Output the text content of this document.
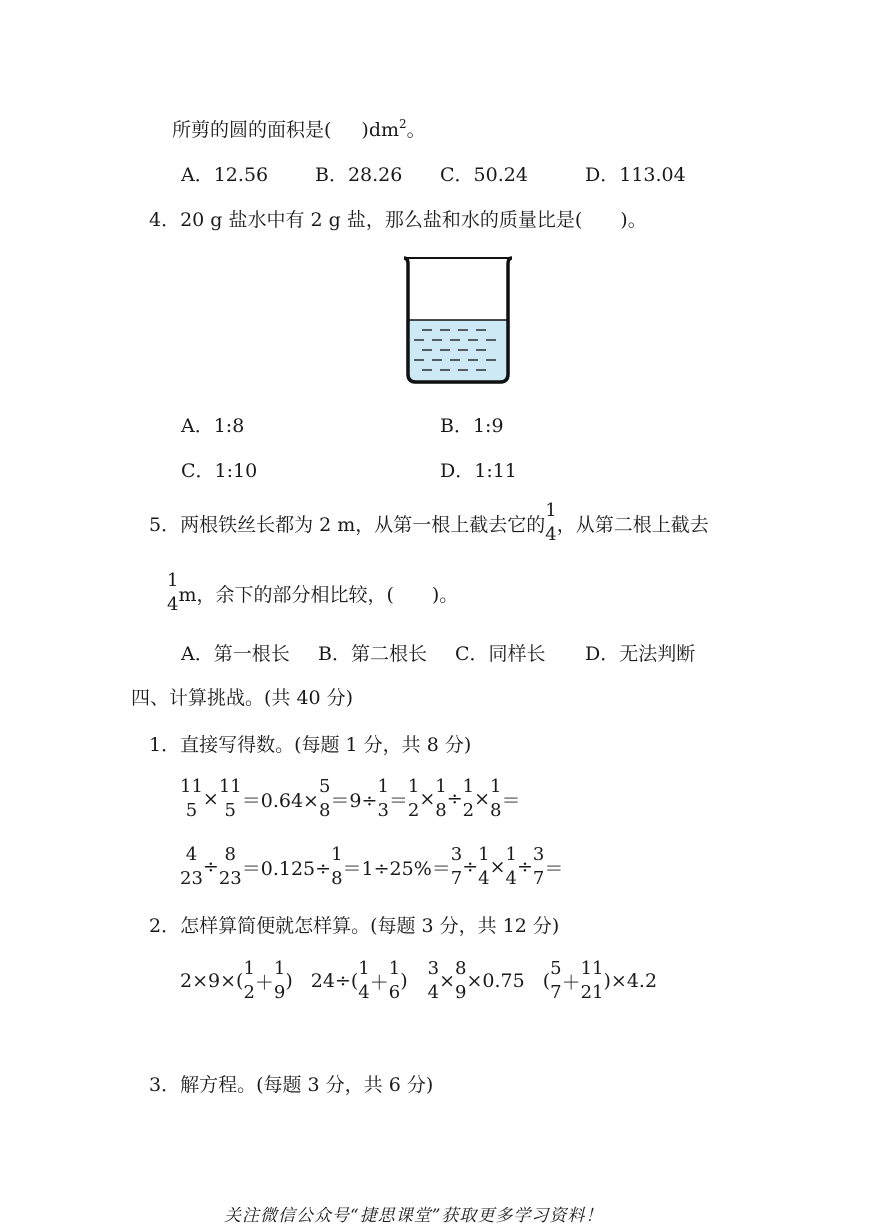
所剪的圆的面积是( )$dm^2$。
A．12.56 B．28.26 C．50.24	D．113.04
4．20 g 盐水中有 2 g 盐，那么盐和水的质量比是(　　)。
A．1:8	B．1:9
C．1:10	D．1:11
5．两根铁丝长都为 2 m，从第一根上截去它的
1
4 ，从第二根上截去
1
4 m，余下的部分相比较，(　　)。
A．第一根长 B．第二根长 C．同样长 D．无法判断
四、计算挑战。(共 40 分)
1．直接写得数。(每题 1 分，共 8 分)
11
5
×
11
5 ＝0.64×
5
8 ＝9÷
1
3 ＝
1
2
×
1
8
÷
1
2
×
1
8 ＝
4
23
÷
8
23 ＝0.125÷
1
8 ＝1÷25%＝
3
7
÷
1
4
×
1
4
÷
3
7 ＝
2．怎样算简便就怎样算。(每题 3 分，共 12 分)
2×9×(
1
2 ＋
1
9
) 24÷(
1
4 ＋
1
6
)
3
4
×
8
9
×0.75 (
5
7 ＋
11
21
)×4.2
3．解方程。(每题 3 分，共 6 分)
关注微信公众号“捷思课堂”获取更多学习资料！
